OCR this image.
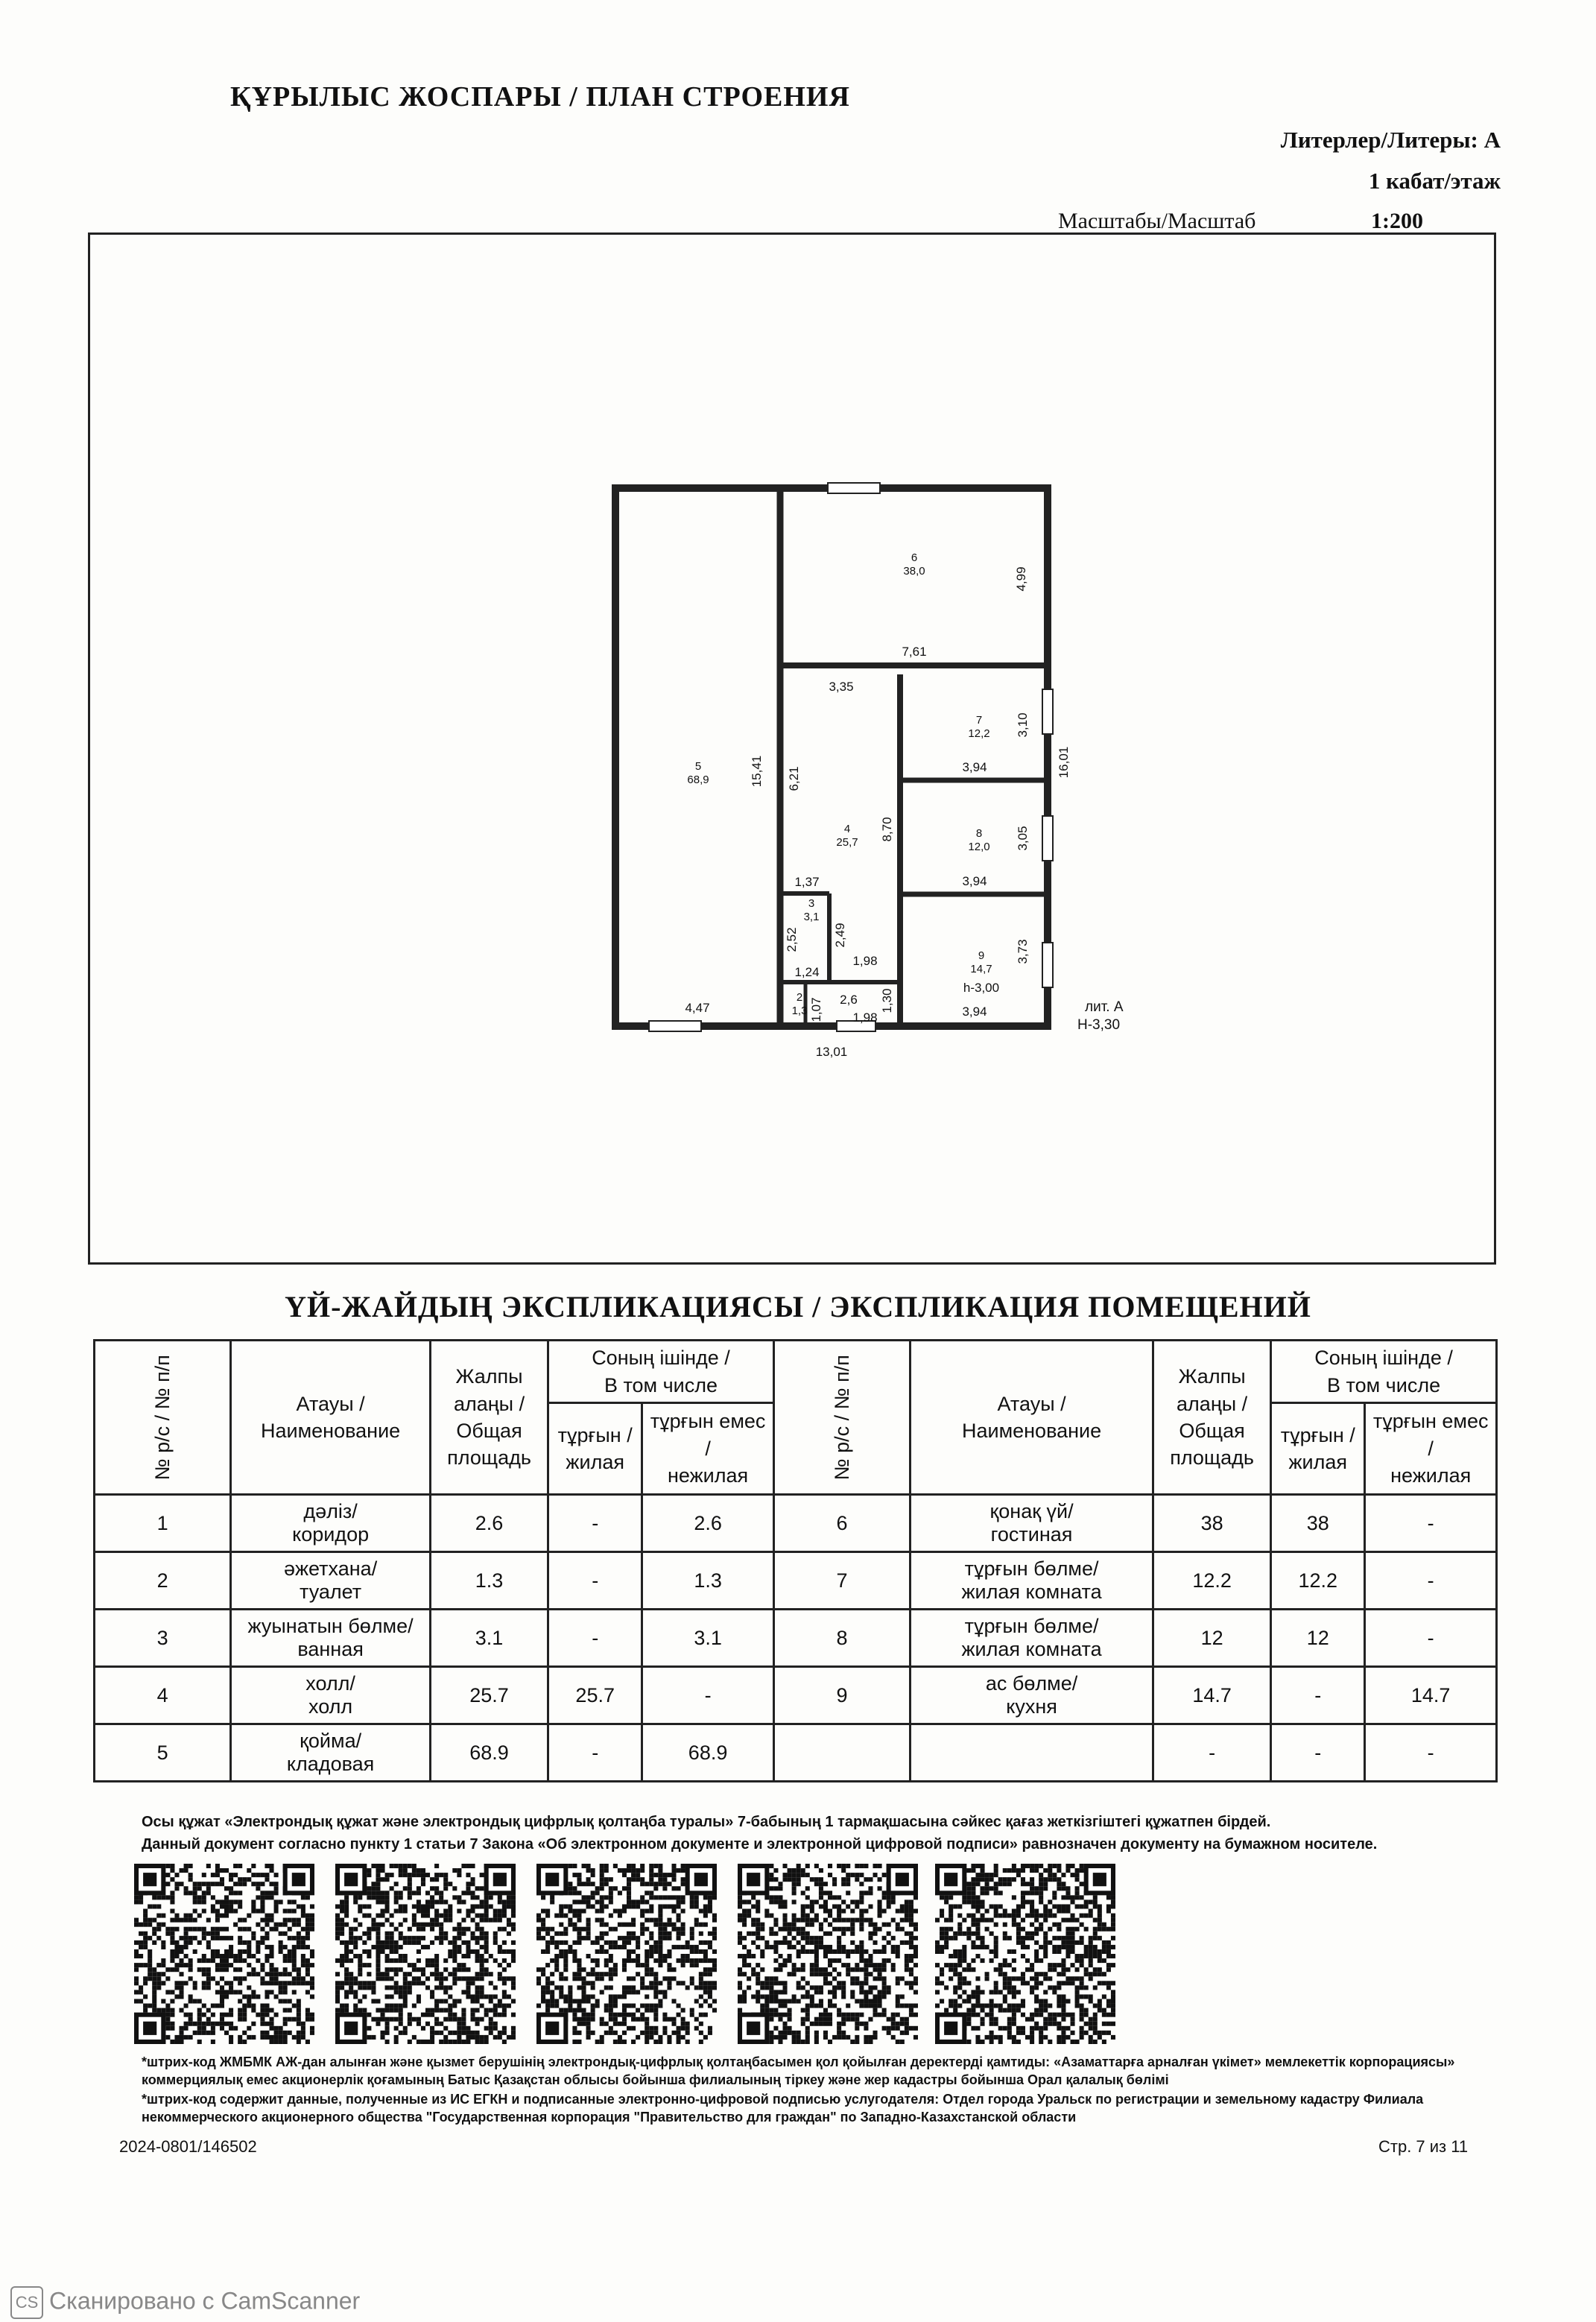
ҚҰРЫЛЫС ЖОСПАРЫ / ПЛАН СТРОЕНИЯ
Литерлер/Литеры: А
1 кабат/этаж
Масштабы/Масштаб	1:200
5
68,9
6
38,0
7
12,2
8
12,0
4
25,7
3
3,1
2
1,3
9
14,7
h-3,00
15,41
4,47
13,01
16,01
7,61
4,99
3,35
3,10
3,94
3,05
3,94
3,73
3,94
6,21
8,70
1,37
2,52	2,49
1,24
1,98
2,6 1,30
1,07 1,98
лит. А
H-3,30
ҮЙ-ЖАЙДЫҢ ЭКСПЛИКАЦИЯСЫ / ЭКСПЛИКАЦИЯ ПОМЕЩЕНИЙ
№ р/с / № п/п	Атауы /
Наименование	Жалпы
алаңы /
Общая
площадь	Соның ішінде /
В том числе		№ р/с / № п/п	Атауы /
Наименование	Жалпы
алаңы /
Общая
площадь	Соның ішінде /
В том числе	
			тұрғын /
жилая	тұрғын емес /
нежилая				тұрғын /
жилая	тұрғын емес /
нежилая
1	дәліз/
коридор	2.6	-	2.6	6	қонақ үй/
гостиная	38	38	-
2	әжетхана/
туалет	1.3	-	1.3	7	тұрғын бөлме/
жилая комната	12.2	12.2	-
3	жуынатын бөлме/
ванная	3.1	-	3.1	8	тұрғын бөлме/
жилая комната	12	12	-
4	холл/
холл	25.7	25.7	-	9	ас бөлме/
кухня	14.7	-	14.7
5	қойма/
кладовая	68.9	-	68.9			-	-	-
Осы құжат «Электрондық құжат және электрондық цифрлық қолтаңба туралы» 7-бабының 1 тармақшасына сәйкес қағаз жеткізгіштегі құжатпен бірдей.
Данный документ согласно пункту 1 статьи 7 Закона «Об электронном документе и электронной цифровой подписи» равнозначен документу на бумажном носителе.
*штрих-код ЖМБМК АЖ-дан алынған және қызмет берушінің электрондық-цифрлық қолтаңбасымен қол қойылған деректерді қамтиды: «Азаматтарға арналған үкімет» мемлекеттік корпорациясы» коммерциялық емес акционерлік қоғамының Батыс Қазақстан облысы бойынша филиалының тіркеу және жер кадастры бойынша Орал қалалық бөлімі
*штрих-код содержит данные, полученные из ИС ЕГКН и подписанные электронно-цифровой подписью услугодателя: Отдел города Уральск по регистрации и земельному кадастру Филиала некоммерческого акционерного общества "Государственная корпорация "Правительство для граждан" по Западно-Казахстанской области
2024-0801/146502	Стр. 7 из 11
CS Сканировано с CamScanner
